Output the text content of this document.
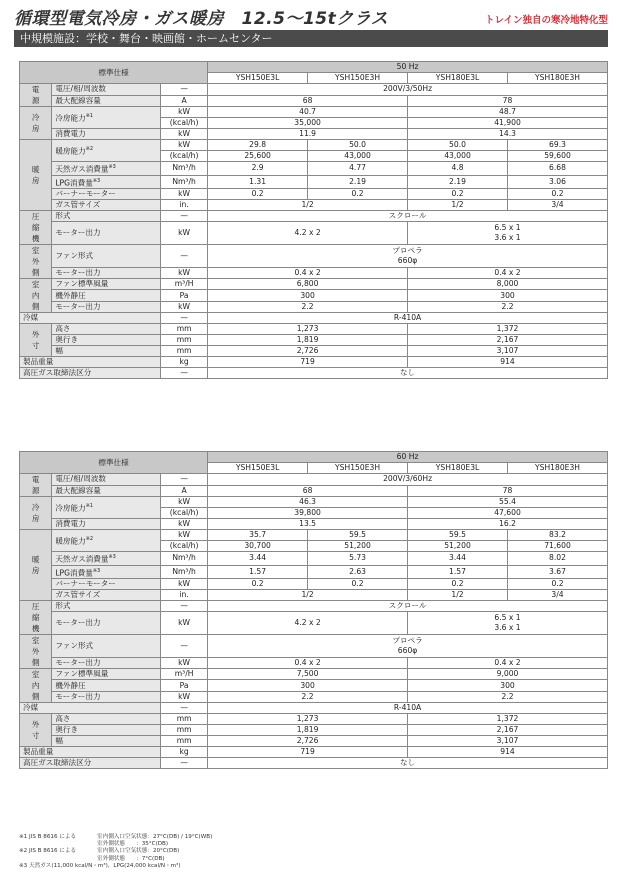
循環型電気冷房・ガス暖房　12.5〜15tクラス	トレイン独自の寒冷地特化型
中規模施設：学校・舞台・映画館・ホームセンター
標準仕様			50 Hz			
			YSH150E3L	YSH150E3H	YSH180E3L	YSH180E3H
電源	電圧/相/周波数	—	200V/3/50Hz			
	最大配線容量	A	68		78	
冷房	冷房能力$^{※1}$	kW	40.7		48.7	
		(kcal/h)	35,000		41,900	
	消費電力	kW	11.9		14.3	
暖房	暖房能力$^{※2}$	kW	29.8	50.0	50.0	69.3
		(kcal/h)	25,600	43,000	43,000	59,600
	天然ガス消費量$^{※3}$	Nm³/h	2.9	4.77	4.8	6.68
	LPG消費量$^{※3}$	Nm³/h	1.31	2.19	2.19	3.06
	バーナーモーター	kW	0.2	0.2	0.2	0.2
	ガス管サイズ	in.	1/2		1/2	3/4
圧縮機	形式	—	スクロール			
	モーター出力	kW	4.2 x 2		6.5 x 1
3.6 x 1	

室外側	ファン形式	—	プロペラ
660φ			

	モーター出力	kW	0.4 x 2		0.4 x 2	
室内側	ファン標準風量	m³/H	6,800		8,000	
	機外静圧	Pa	300		300	
	モーター出力	kW	2.2		2.2	
冷媒		—	R-410A			
外寸	高さ	mm	1,273		1,372	
	奥行き	mm	1,819		2,167	
	幅	mm	2,726		3,107	
製品重量		kg	719		914	
高圧ガス取締法区分		—	なし			
標準仕様			60 Hz			
			YSH150E3L	YSH150E3H	YSH180E3L	YSH180E3H
電源	電圧/相/周波数	—	200V/3/60Hz			
	最大配線容量	A	68		78	
冷房	冷房能力$^{※1}$	kW	46.3		55.4	
		(kcal/h)	39,800		47,600	
	消費電力	kW	13.5		16.2	
暖房	暖房能力$^{※2}$	kW	35.7	59.5	59.5	83.2
		(kcal/h)	30,700	51,200	51,200	71,600
	天然ガス消費量$^{※3}$	Nm³/h	3.44	5.73	3.44	8.02
	LPG消費量$^{※3}$	Nm³/h	1.57	2.63	1.57	3.67
	バーナーモーター	kW	0.2	0.2	0.2	0.2
	ガス管サイズ	in.	1/2		1/2	3/4
圧縮機	形式	—	スクロール			
	モーター出力	kW	4.2 x 2		6.5 x 1
3.6 x 1	

室外側	ファン形式	—	プロペラ
660φ			

	モーター出力	kW	0.4 x 2		0.4 x 2	
室内側	ファン標準風量	m³/H	7,500		9,000	
	機外静圧	Pa	300		300	
	モーター出力	kW	2.2		2.2	
冷媒		—	R-410A			
外寸	高さ	mm	1,273		1,372	
	奥行き	mm	1,819		2,167	
	幅	mm	2,726		3,107	
製品重量		kg	719		914	
高圧ガス取締法区分		—	なし			
※1 JIS B 8616 による	室内側入口空気状態：27°C(DB) / 19°C(WB)
室外側状態　　：35°C(DB)
※2 JIS B 8616 による	室内側入口空気状態：20°C(DB)
室外側状態　　：7°C(DB)
※3 天然ガス(11,000 kcal/N・m³)，LPG(24,000 kcal/N・m³)
